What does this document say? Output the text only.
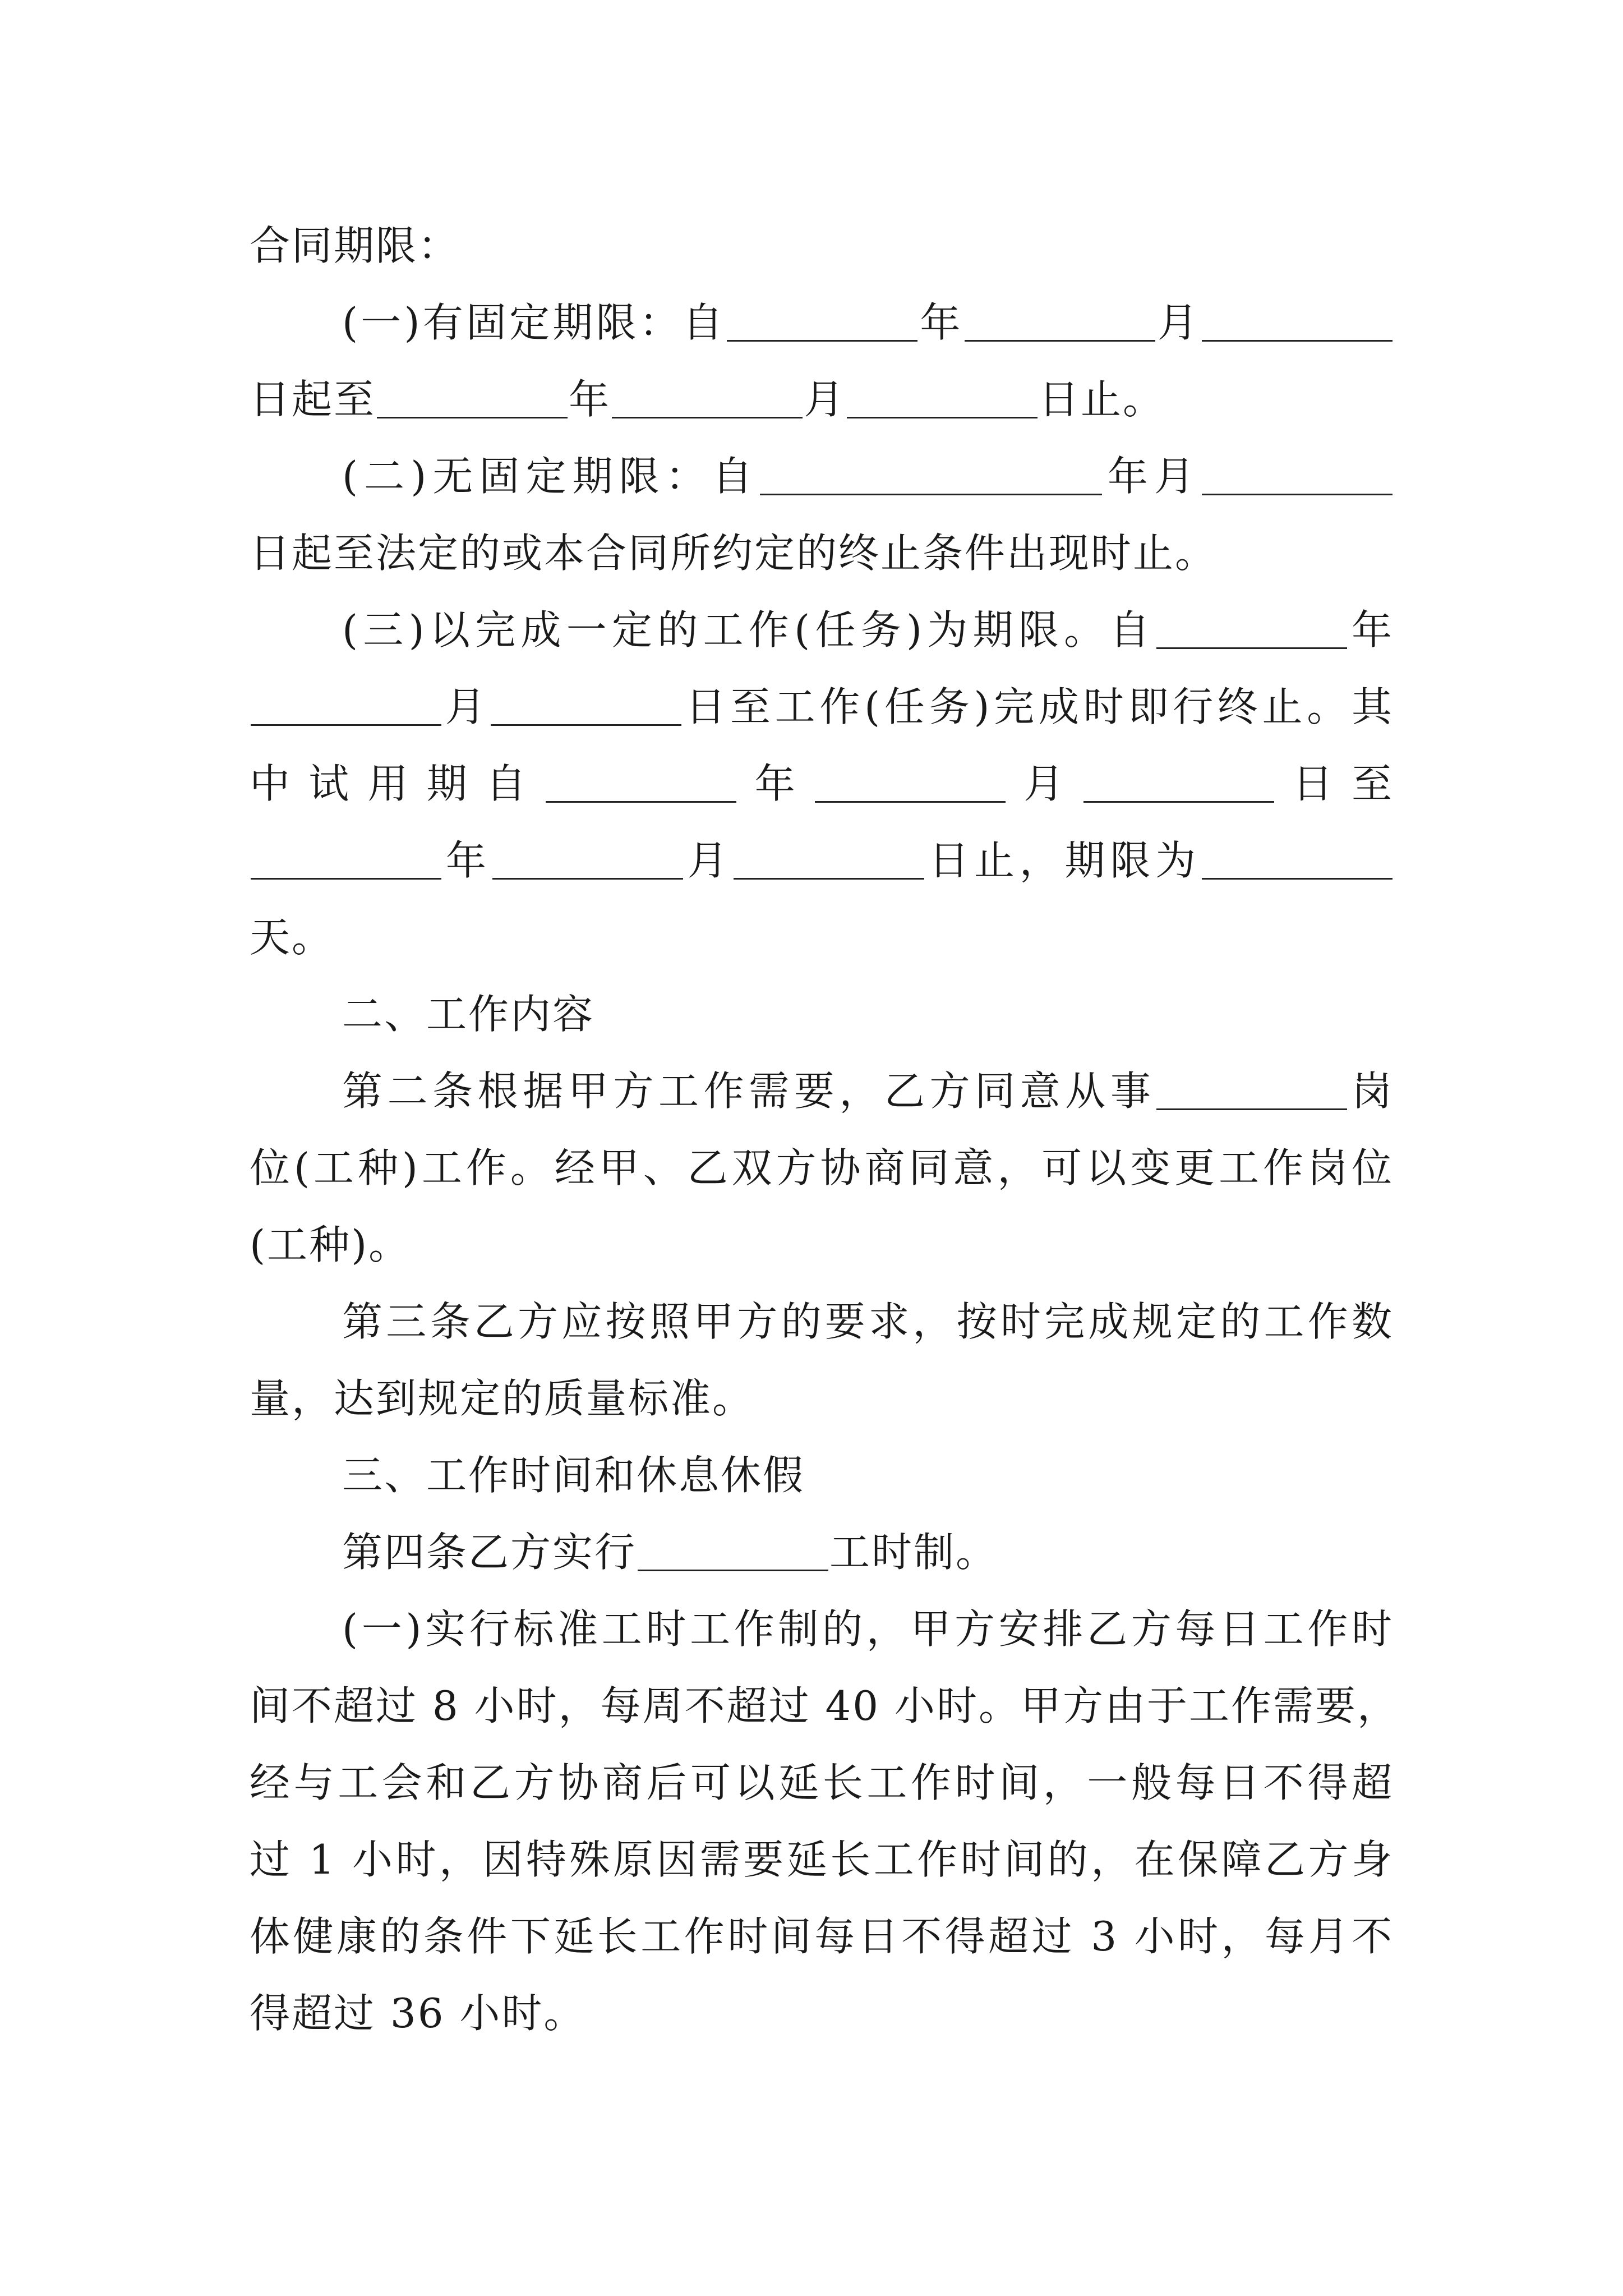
合同期限：

(一)有固定期限：自	年	月
日起至	年	月	日止。

(二)无固定期限：自	年月
日起至法定的或本合同所约定的终止条件出现时止。

(三)以完成一定的工作(任务)为期限。自	年
月	日至工作(任务)完成时即行终止。其
中试用期自	年	月	日至
年	月	日止，期限为
天。

二、工作内容

第二条根据甲方工作需要，乙方同意从事	岗
位(工种)工作。经甲、乙双方协商同意，可以变更工作岗位
(工种)。

第三条乙方应按照甲方的要求，按时完成规定的工作数
量，达到规定的质量标准。

三、工作时间和休息休假

第四条乙方实行	工时制。

(一)实行标准工时工作制的，甲方安排乙方每日工作时
间不超过 8 小时，每周不超过 40 小时。甲方由于工作需要，
经与工会和乙方协商后可以延长工作时间，一般每日不得超
过 1 小时，因特殊原因需要延长工作时间的，在保障乙方身
体健康的条件下延长工作时间每日不得超过 3 小时，每月不
得超过 36 小时。
